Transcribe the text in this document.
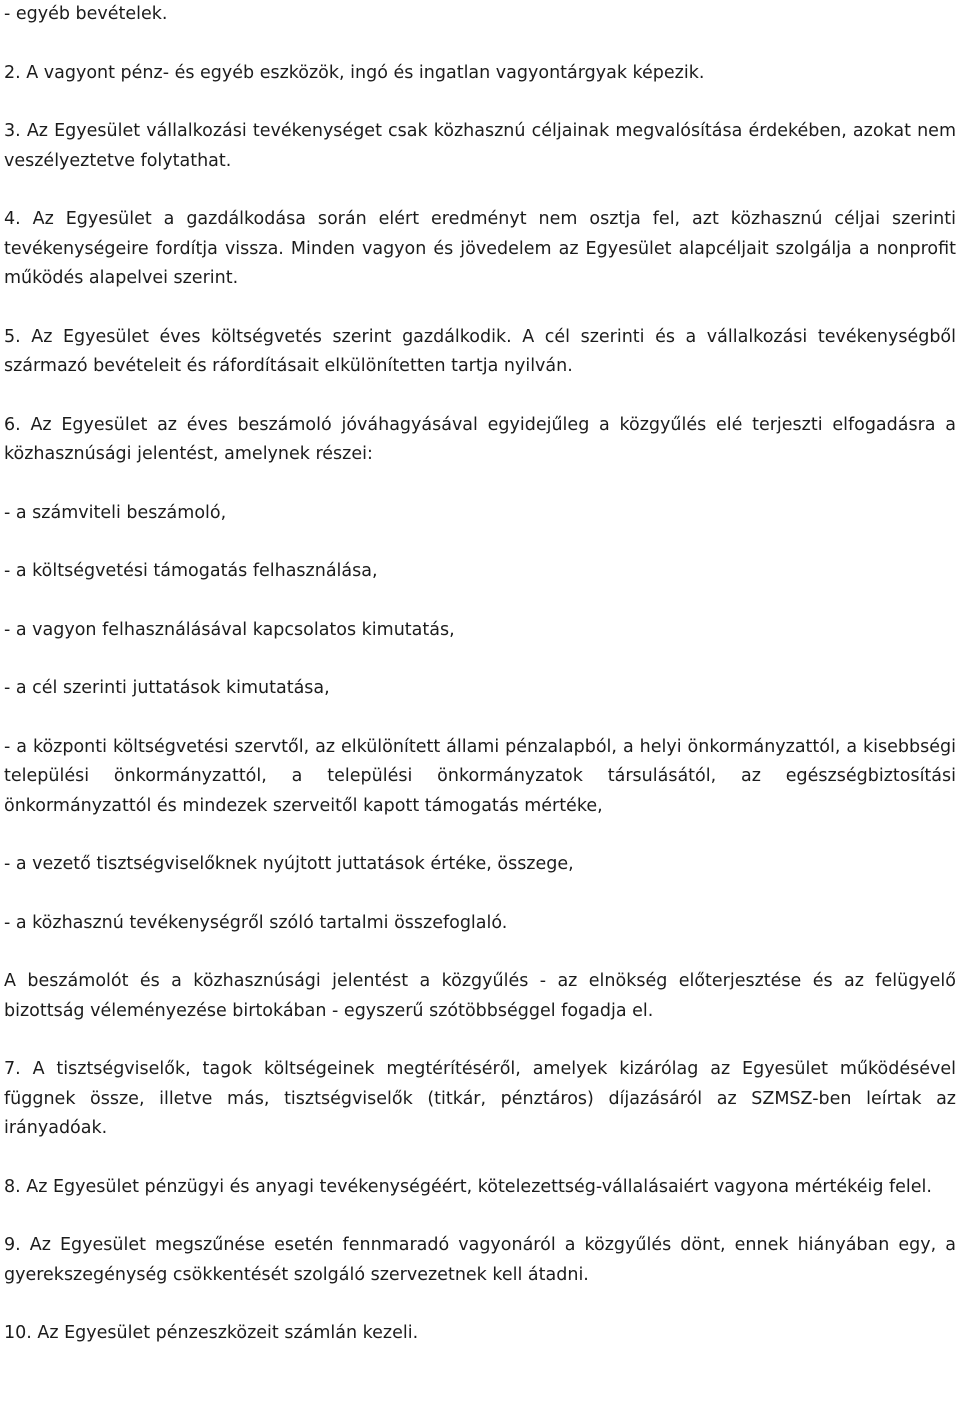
- egyéb bevételek.

2. A vagyont pénz- és egyéb eszközök, ingó és ingatlan vagyontárgyak képezik.

3. Az Egyesület vállalkozási tevékenységet csak közhasznú céljainak megvalósítása érdekében, azokat nem veszélyeztetve folytathat.

4. Az Egyesület a gazdálkodása során elért eredményt nem osztja fel, azt közhasznú céljai szerinti tevékenységeire fordítja vissza. Minden vagyon és jövedelem az Egyesület alapcéljait szolgálja a nonprofit működés alapelvei szerint.

5. Az Egyesület éves költségvetés szerint gazdálkodik. A cél szerinti és a vállalkozási tevékenységből származó bevételeit és ráfordításait elkülönítetten tartja nyilván.

6. Az Egyesület az éves beszámoló jóváhagyásával egyidejűleg a közgyűlés elé terjeszti elfogadásra a közhasznúsági jelentést, amelynek részei:

- a számviteli beszámoló,

- a költségvetési támogatás felhasználása,

- a vagyon felhasználásával kapcsolatos kimutatás,

- a cél szerinti juttatások kimutatása,

- a központi költségvetési szervtől, az elkülönített állami pénzalapból, a helyi önkormányzattól, a kisebbségi települési önkormányzattól, a települési önkormányzatok társulásától, az egészségbiztosítási önkormányzattól és mindezek szerveitől kapott támogatás mértéke,

- a vezető tisztségviselőknek nyújtott juttatások értéke, összege,

- a közhasznú tevékenységről szóló tartalmi összefoglaló.

A beszámolót és a közhasznúsági jelentést a közgyűlés - az elnökség előterjesztése és az felügyelő bizottság véleményezése birtokában - egyszerű szótöbbséggel fogadja el.

7. A tisztségviselők, tagok költségeinek megtérítéséről, amelyek kizárólag az Egyesület működésével függnek össze, illetve más, tisztségviselők (titkár, pénztáros) díjazásáról az SZMSZ-ben leírtak az irányadóak.

8. Az Egyesület pénzügyi és anyagi tevékenységéért, kötelezettség-vállalásaiért vagyona mértékéig felel.

9. Az Egyesület megszűnése esetén fennmaradó vagyonáról a közgyűlés dönt, ennek hiányában egy, a gyerekszegénység csökkentését szolgáló szervezetnek kell átadni.

10. Az Egyesület pénzeszközeit számlán kezeli.
